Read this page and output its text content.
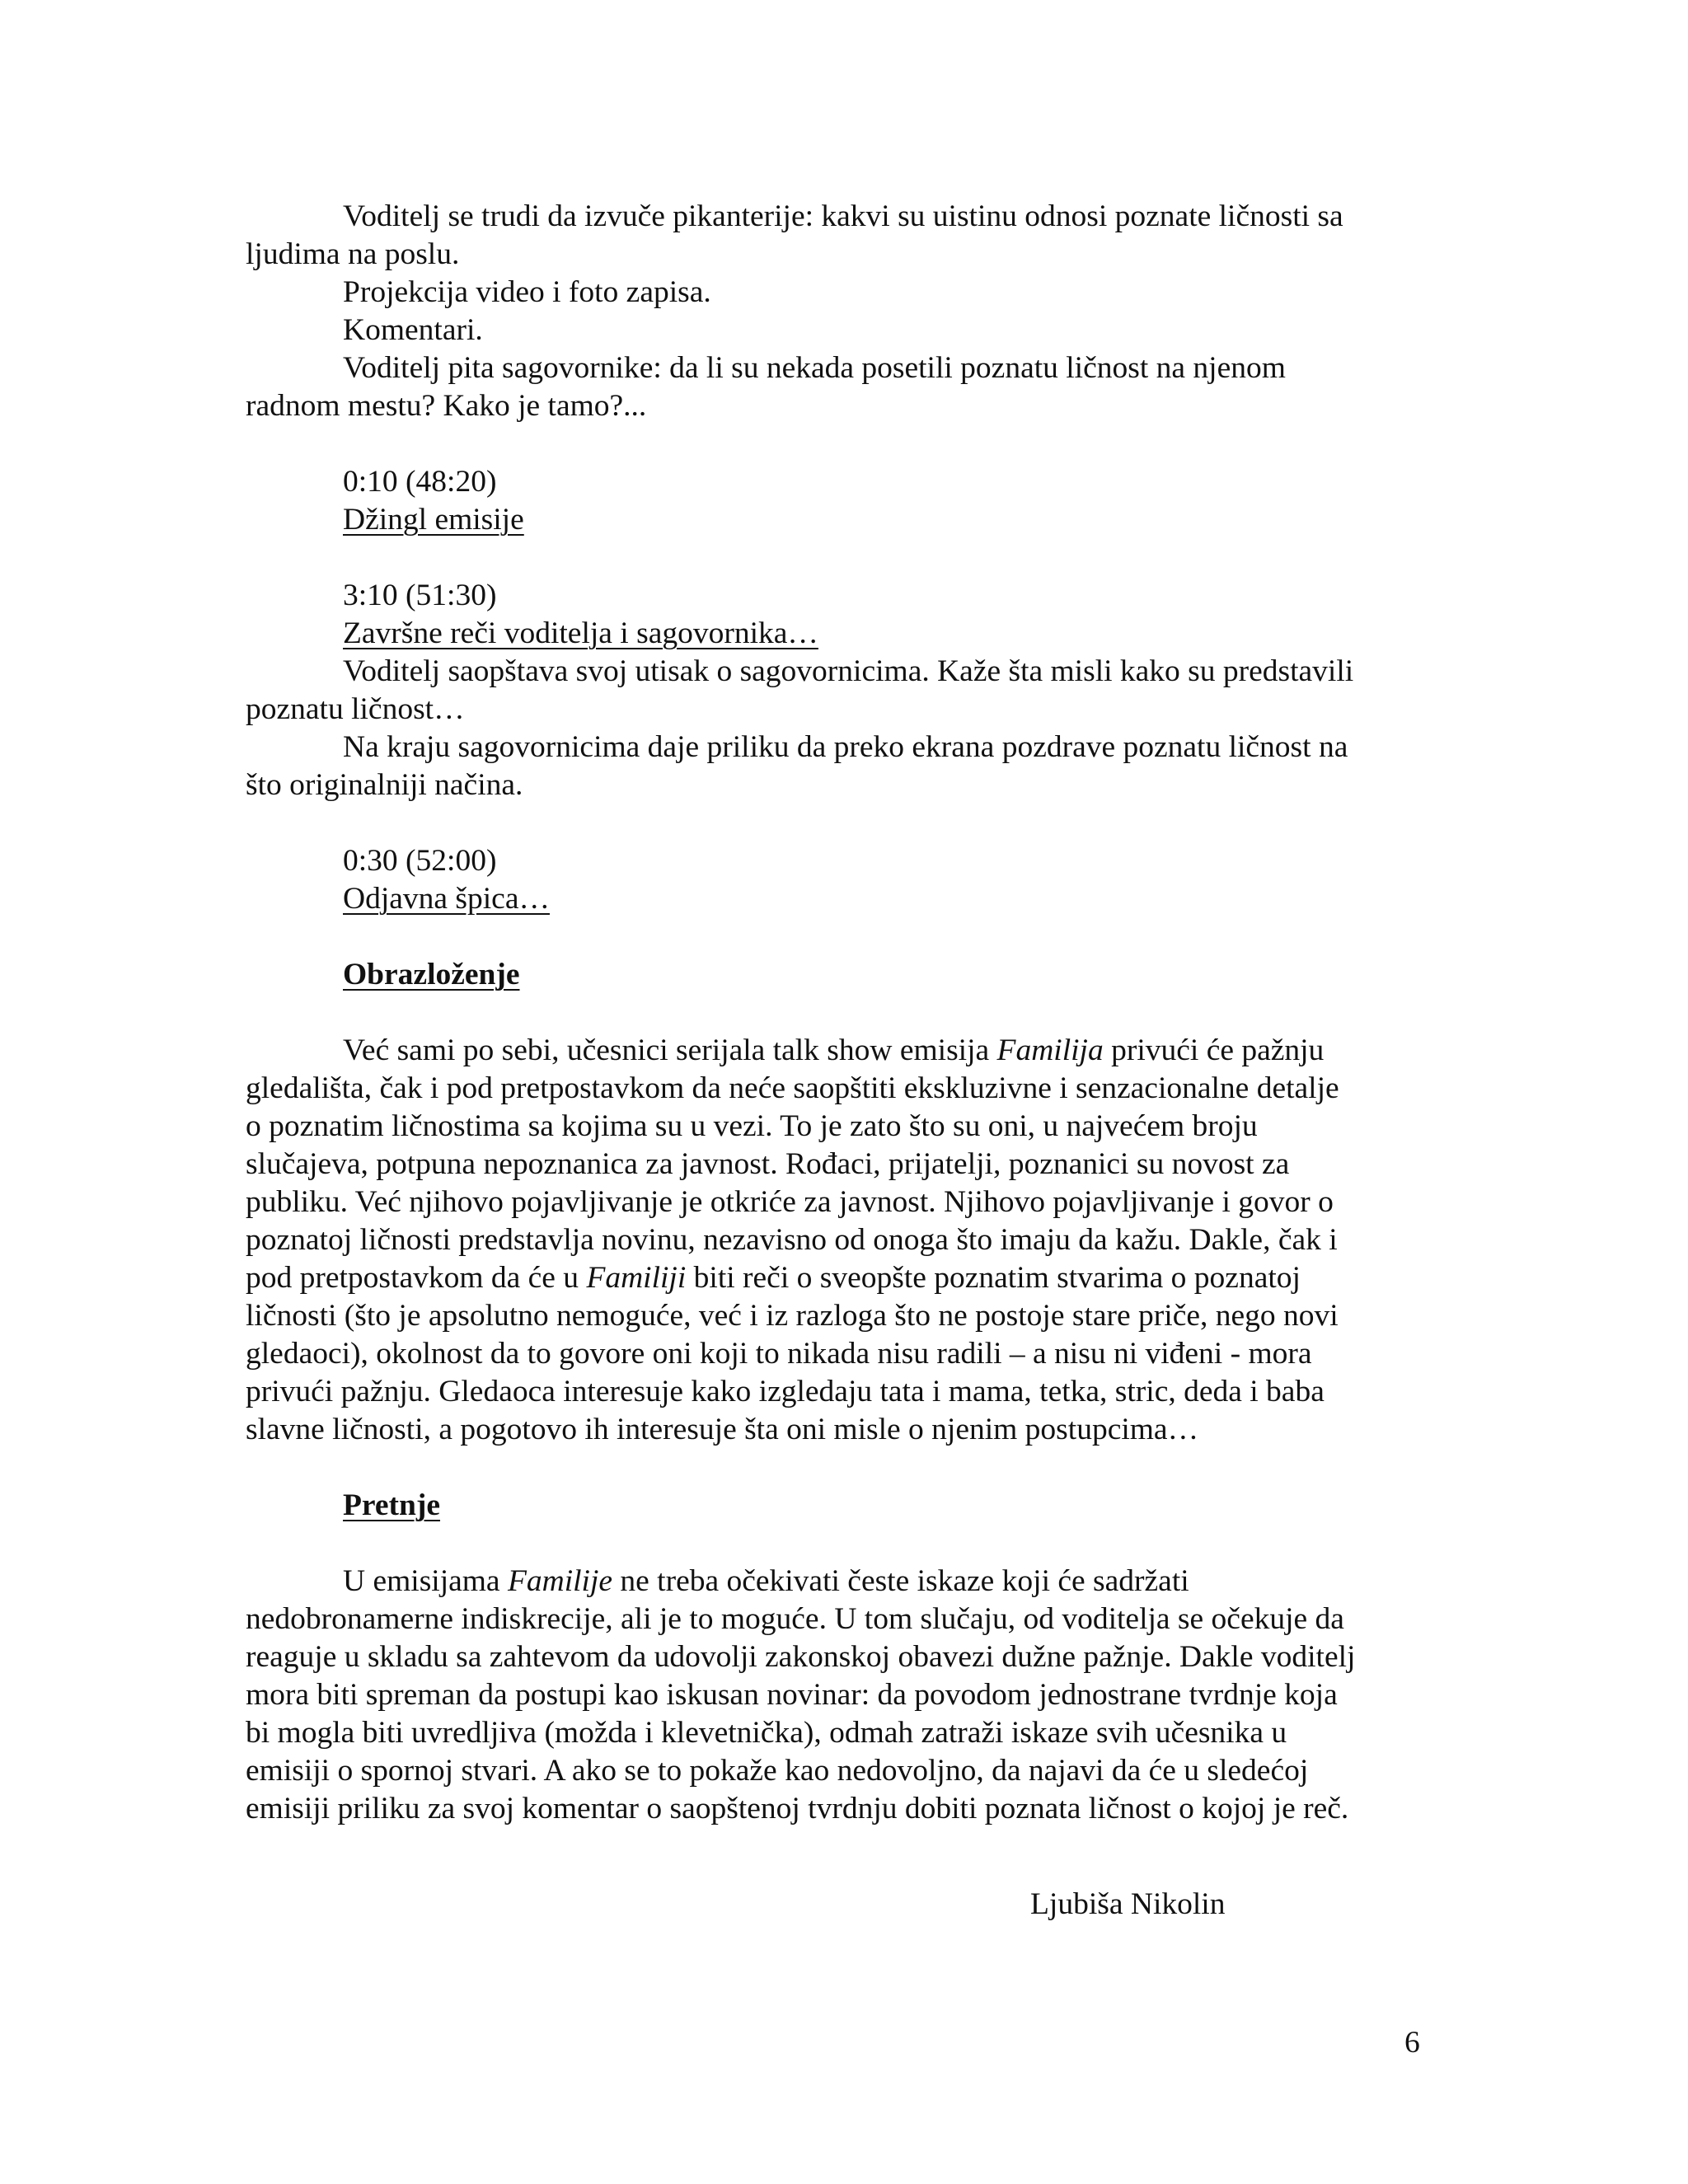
Voditelj se trudi da izvuče pikanterije: kakvi su uistinu odnosi poznate ličnosti sa

ljudima na poslu.

Projekcija video i foto zapisa.

Komentari.

Voditelj pita sagovornike: da li su nekada posetili poznatu ličnost na njenom

radnom mestu? Kako je tamo?...

0:10 (48:20)

Džingl emisije

3:10 (51:30)

Završne reči voditelja i sagovornika…

Voditelj saopštava svoj utisak o sagovornicima. Kaže šta misli kako su predstavili

poznatu ličnost…

Na kraju sagovornicima daje priliku da preko ekrana pozdrave poznatu ličnost na

što originalniji načina.

0:30 (52:00)

Odjavna špica…

Obrazloženje

Već sami po sebi, učesnici serijala talk show emisija Familija privući će pažnju

gledališta, čak i pod pretpostavkom da neće saopštiti ekskluzivne i senzacionalne detalje

o poznatim ličnostima sa kojima su u vezi. To je zato što su oni, u najvećem broju

slučajeva, potpuna nepoznanica za javnost. Rođaci, prijatelji, poznanici su novost za

publiku. Već njihovo pojavljivanje je otkriće za javnost. Njihovo pojavljivanje i govor o

poznatoj ličnosti predstavlja novinu, nezavisno od onoga što imaju da kažu. Dakle, čak i

pod pretpostavkom da će u Familiji biti reči o sveopšte poznatim stvarima o poznatoj

ličnosti (što je apsolutno nemoguće, već i iz razloga što ne postoje stare priče, nego novi

gledaoci), okolnost da to govore oni koji to nikada nisu radili – a nisu ni viđeni - mora

privući pažnju. Gledaoca interesuje kako izgledaju tata i mama, tetka, stric, deda i baba

slavne ličnosti, a pogotovo ih interesuje šta oni misle o njenim postupcima…

Pretnje

U emisijama Familije ne treba očekivati česte iskaze koji će sadržati

nedobronamerne indiskrecije, ali je to moguće. U tom slučaju, od voditelja se očekuje da

reaguje u skladu sa zahtevom da udovolji zakonskoj obavezi dužne pažnje. Dakle voditelj

mora biti spreman da postupi kao iskusan novinar: da povodom jednostrane tvrdnje koja

bi mogla biti uvredljiva (možda i klevetnička), odmah zatraži iskaze svih učesnika u

emisiji o spornoj stvari. A ako se to pokaže kao nedovoljno, da najavi da će u sledećoj

emisiji priliku za svoj komentar o saopštenoj tvrdnju dobiti poznata ličnost o kojoj je reč.

Ljubiša Nikolin

6
